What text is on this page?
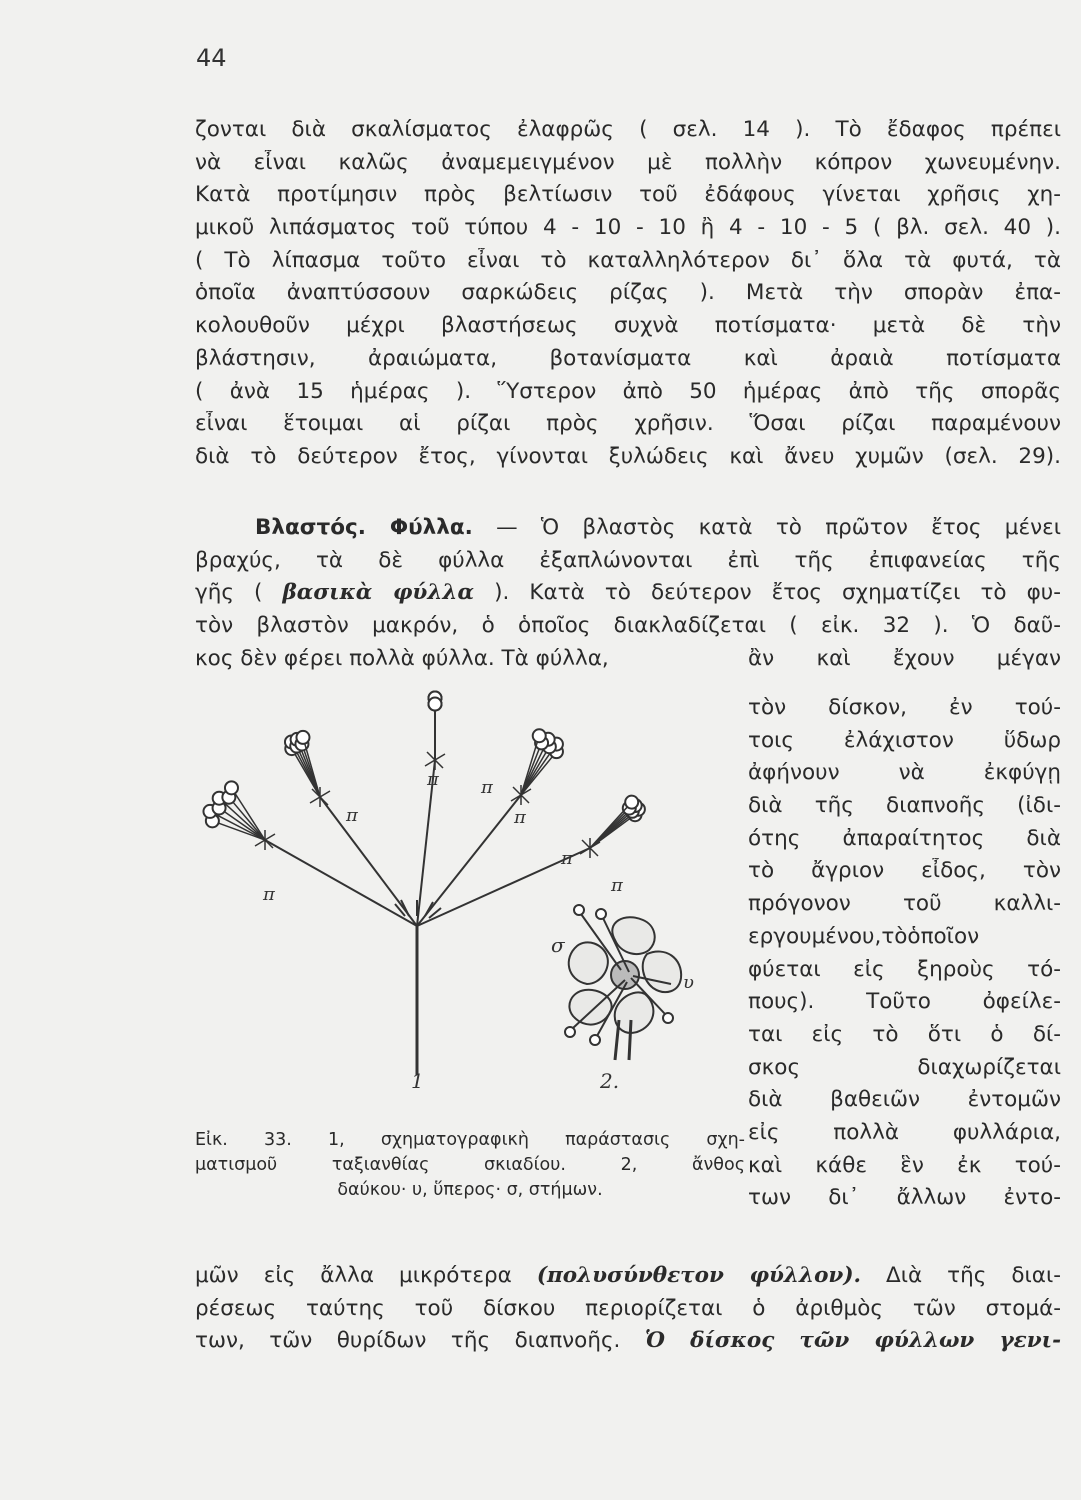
44
ζονται διὰ σκαλίσματος ἐλαφρῶς ( σελ. 14 ). Τὸ ἔδαφος πρέπει
νὰ εἶναι καλῶς ἀναμεμειγμένον μὲ πολλὴν κόπρον χωνευμένην.
Κατὰ προτίμησιν πρὸς βελτίωσιν τοῦ ἐδάφους γίνεται χρῆσις χη-
μικοῦ λιπάσματος τοῦ τύπου 4 - 10 - 10 ἢ 4 - 10 - 5 ( βλ. σελ. 40 ).
( Τὸ λίπασμα τοῦτο εἶναι τὸ καταλληλότερον δι᾽ ὅλα τὰ φυτά, τὰ
ὁποῖα ἀναπτύσσουν σαρκώδεις ρίζας ). Μετὰ τὴν σπορὰν ἐπα-
κολουθοῦν μέχρι βλαστήσεως συχνὰ ποτίσματα· μετὰ δὲ τὴν
βλάστησιν, ἀραιώματα, βοτανίσματα καὶ ἀραιὰ ποτίσματα
( ἀνὰ 15 ἡμέρας ). Ὕστερον ἀπὸ 50 ἡμέρας ἀπὸ τῆς σπορᾶς
εἶναι ἕτοιμαι αἱ ρίζαι πρὸς χρῆσιν. Ὅσαι ρίζαι παραμένουν
διὰ τὸ δεύτερον ἔτος, γίνονται ξυλώδεις καὶ ἄνευ χυμῶν (σελ. 29).
Βλαστός. Φύλλα. — Ὁ βλαστὸς κατὰ τὸ πρῶτον ἔτος μένει
βραχύς, τὰ δὲ φύλλα ἐξαπλώνονται ἐπὶ τῆς ἐπιφανείας τῆς
γῆς ( βασικὰ φύλλα ). Κατὰ τὸ δεύτερον ἔτος σχηματίζει τὸ φυ-
τὸν βλαστὸν μακρόν, ὁ ὁποῖος διακλαδίζεται ( εἰκ. 32 ). Ὁ δαῦ-
κος δὲν φέρει πολλὰ φύλλα. Τὰ φύλλα,	ἂν καὶ ἔχουν μέγαν
τὸν δίσκον, ἐν τού-
τοις ἐλάχιστον ὕδωρ
ἀφήνουν νὰ ἐκφύγῃ
διὰ τῆς διαπνοῆς (ἰδι-
ότης ἀπαραίτητος διὰ
τὸ ἄγριον εἶδος, τὸν
πρόγονον τοῦ καλλι-
εργουμένου,τὸὁποῖον
φύεται εἰς ξηροὺς τό-
πους). Τοῦτο ὀφείλε-
ται εἰς τὸ ὅτι ὁ δί-
σκος διαχωρίζεται
διὰ βαθειῶν ἐντομῶν
εἰς πολλὰ φυλλάρια,
καὶ κάθε ἓν ἐκ τού-
των δι᾽ ἄλλων ἐντο-
σ
υ
π π
π	π
π
π
π
1	2.
Εἰκ. 33. 1, σχηματογραφικὴ παράστασις σχη-
ματισμοῦ ταξιανθίας σκιαδίου. 2, ἄνθος
δαύκου· υ, ὕπερος· σ, στήμων.
μῶν εἰς ἄλλα μικρότερα (πολυσύνθετον φύλλον). Διὰ τῆς διαι-
ρέσεως ταύτης τοῦ δίσκου περιορίζεται ὁ ἀριθμὸς τῶν στομά-
των, τῶν θυρίδων τῆς διαπνοῆς. Ὁ δίσκος τῶν φύλλων γενι-
